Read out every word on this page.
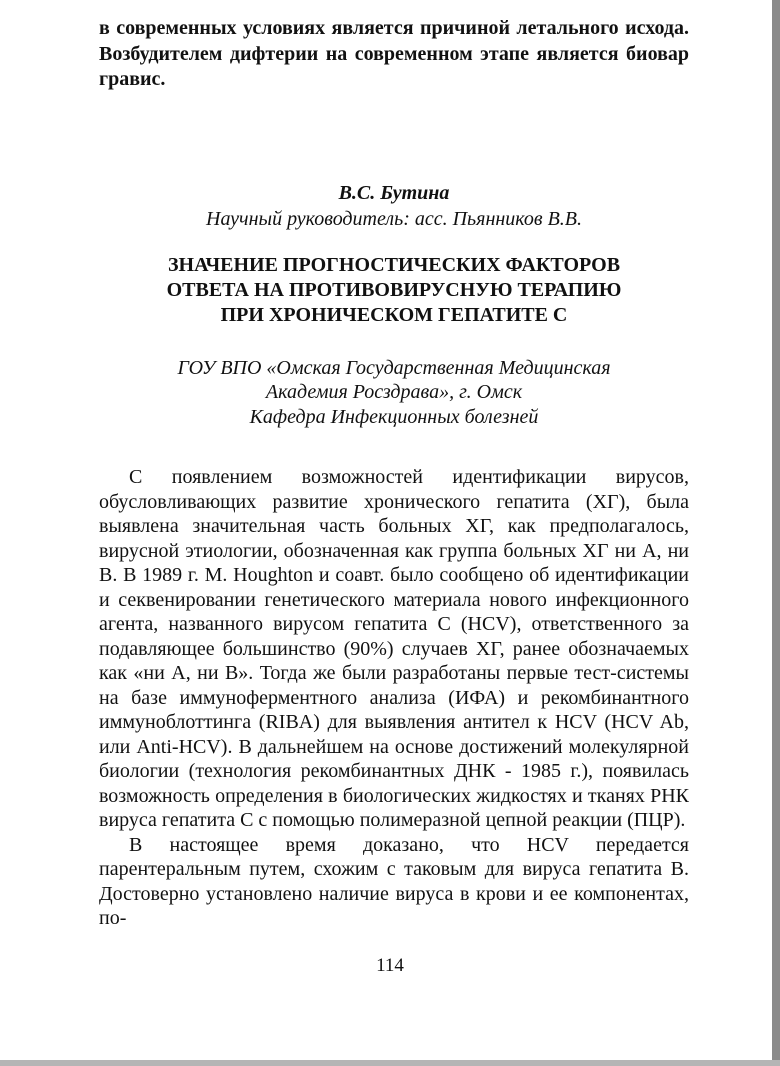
в современных условиях является причиной летального исхода. Возбудителем дифтерии на современном этапе является биовар гравис.

В.С. Бутина

Научный руководитель: асс. Пьянников В.В.

ЗНАЧЕНИЕ ПРОГНОСТИЧЕСКИХ ФАКТОРОВ
ОТВЕТА НА ПРОТИВОВИРУСНУЮ ТЕРАПИЮ
ПРИ ХРОНИЧЕСКОМ ГЕПАТИТЕ С
ГОУ ВПО «Омская Государственная Медицинская
Академия Росздрава», г. Омск
Кафедра Инфекционных болезней

С появлением возможностей идентификации вирусов, обусловливающих развитие хронического гепатита (ХГ), была выявлена значительная часть больных ХГ, как предполагалось, вирусной этиологии, обозначенная как группа больных ХГ ни А, ни В. В 1989 г. M. Houghton и соавт. было сообщено об идентификации и секвенировании генетического материала нового инфекционного агента, названного вирусом гепатита С (HCV), ответственного за подавляющее большинство (90%) случаев ХГ, ранее обозначаемых как «ни А, ни В». Тогда же были разработаны первые тест-системы на базе иммуноферментного анализа (ИФА) и рекомбинантного иммуноблоттинга (RIBA) для выявления антител к HCV (HCV Ab, или Anti-HCV). В дальнейшем на основе достижений молекулярной биологии (технология рекомбинантных ДНК - 1985 г.), появилась возможность определения в биологических жидкостях и тканях РНК вируса гепатита С с помощью полимеразной цепной реакции (ПЦР).

В настоящее время доказано, что HCV передается парентеральным путем, схожим с таковым для вируса гепатита В. Достоверно установлено наличие вируса в крови и ее компонентах, по-

114
